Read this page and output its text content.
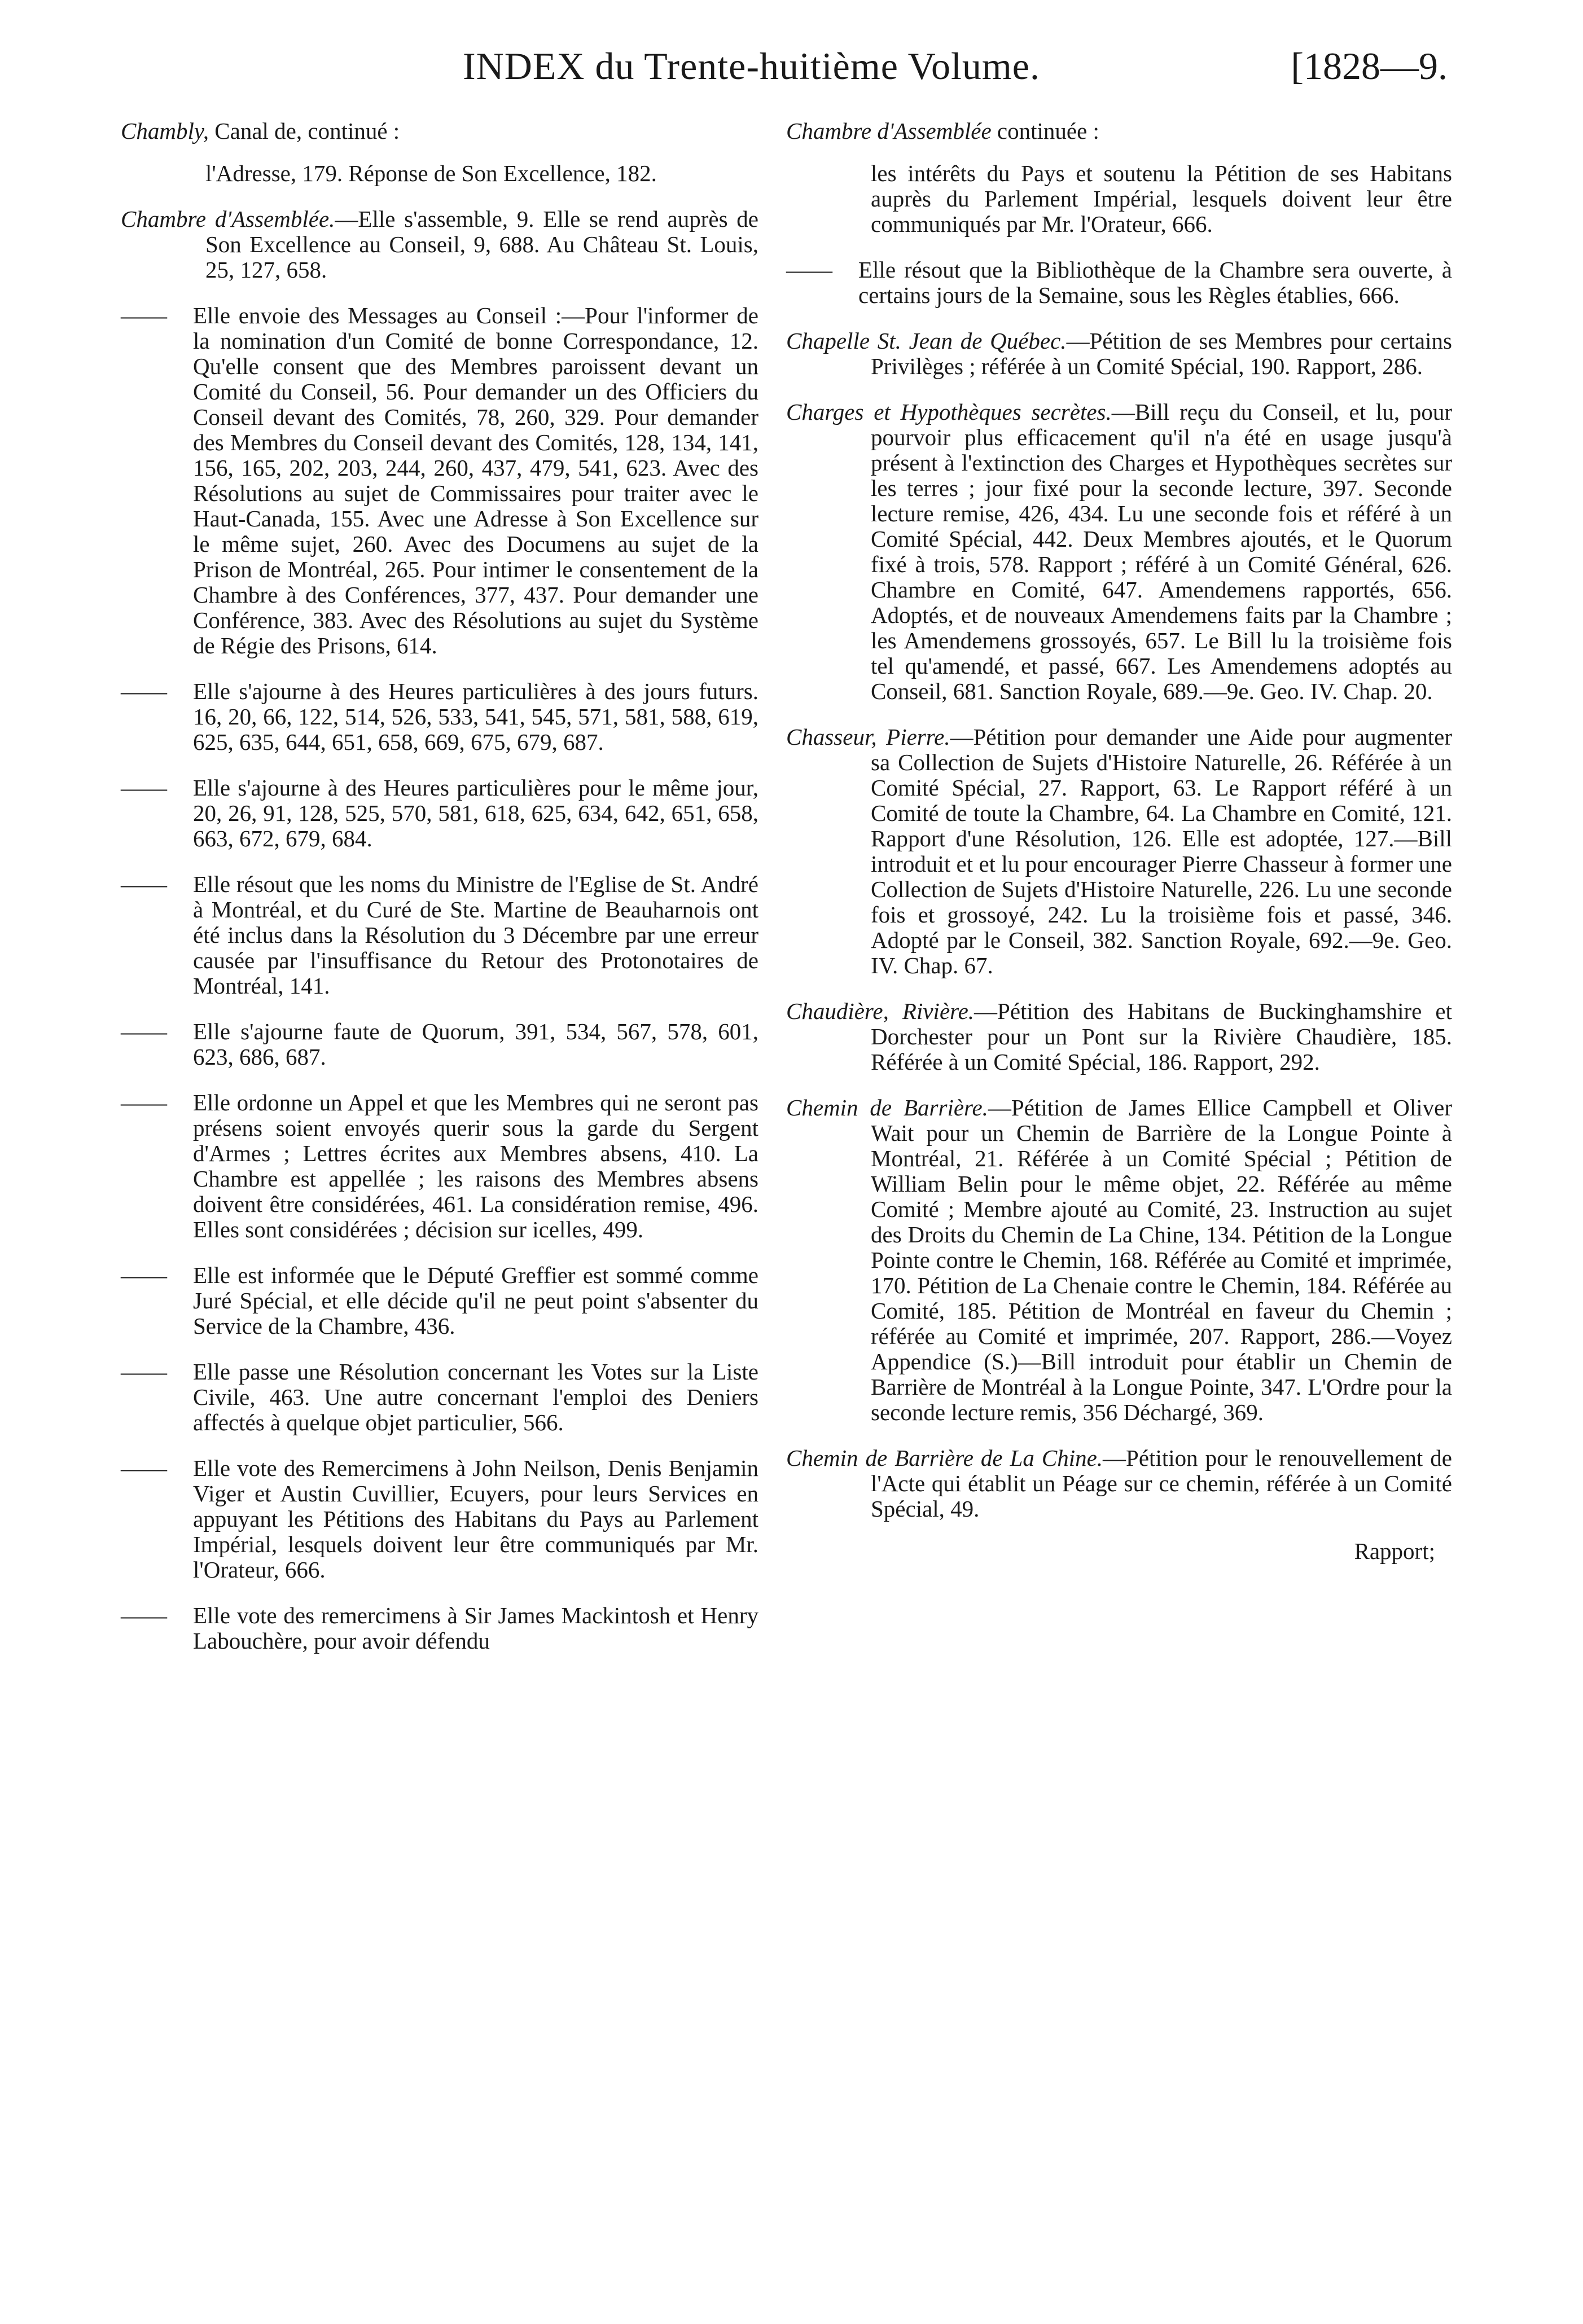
INDEX du Trente-huitième Volume.	[1828—9.
Chambly, Canal de, continué :
l'Adresse, 179. Réponse de Son Excellence, 182.
Chambre d'Assemblée.—Elle s'assemble, 9. Elle se rend auprès de Son Excellence au Conseil, 9, 688. Au Château St. Louis, 25, 127, 658.
—— Elle envoie des Messages au Conseil :—Pour l'informer de la nomination d'un Comité de bonne Correspondance, 12. Qu'elle consent que des Membres paroissent devant un Comité du Conseil, 56. Pour demander un des Officiers du Conseil devant des Comités, 78, 260, 329. Pour demander des Membres du Conseil devant des Comités, 128, 134, 141, 156, 165, 202, 203, 244, 260, 437, 479, 541, 623. Avec des Résolutions au sujet de Commissaires pour traiter avec le Haut-Canada, 155. Avec une Adresse à Son Excellence sur le même sujet, 260. Avec des Documens au sujet de la Prison de Montréal, 265. Pour intimer le consentement de la Chambre à des Conférences, 377, 437. Pour demander une Conférence, 383. Avec des Résolutions au sujet du Système de Régie des Prisons, 614.
—— Elle s'ajourne à des Heures particulières à des jours futurs. 16, 20, 66, 122, 514, 526, 533, 541, 545, 571, 581, 588, 619, 625, 635, 644, 651, 658, 669, 675, 679, 687.
—— Elle s'ajourne à des Heures particulières pour le même jour, 20, 26, 91, 128, 525, 570, 581, 618, 625, 634, 642, 651, 658, 663, 672, 679, 684.
—— Elle résout que les noms du Ministre de l'Eglise de St. André à Montréal, et du Curé de Ste. Martine de Beauharnois ont été inclus dans la Résolution du 3 Décembre par une erreur causée par l'insuffisance du Retour des Protonotaires de Montréal, 141.
—— Elle s'ajourne faute de Quorum, 391, 534, 567, 578, 601, 623, 686, 687.
—— Elle ordonne un Appel et que les Membres qui ne seront pas présens soient envoyés querir sous la garde du Sergent d'Armes ; Lettres écrites aux Membres absens, 410. La Chambre est appellée ; les raisons des Membres absens doivent être considérées, 461. La considération remise, 496. Elles sont considérées ; décision sur icelles, 499.
—— Elle est informée que le Député Greffier est sommé comme Juré Spécial, et elle décide qu'il ne peut point s'absenter du Service de la Chambre, 436.
—— Elle passe une Résolution concernant les Votes sur la Liste Civile, 463. Une autre concernant l'emploi des Deniers affectés à quelque objet particulier, 566.
—— Elle vote des Remercimens à John Neilson, Denis Benjamin Viger et Austin Cuvillier, Ecuyers, pour leurs Services en appuyant les Pétitions des Habitans du Pays au Parlement Impérial, lesquels doivent leur être communiqués par Mr. l'Orateur, 666.
—— Elle vote des remercimens à Sir James Mackintosh et Henry Labouchère, pour avoir défendu
Chambre d'Assemblée continuée :
les intérêts du Pays et soutenu la Pétition de ses Habitans auprès du Parlement Impérial, lesquels doivent leur être communiqués par Mr. l'Orateur, 666.
—— Elle résout que la Bibliothèque de la Chambre sera ouverte, à certains jours de la Semaine, sous les Règles établies, 666.
Chapelle St. Jean de Québec.—Pétition de ses Membres pour certains Privilèges ; référée à un Comité Spécial, 190. Rapport, 286.
Charges et Hypothèques secrètes.—Bill reçu du Conseil, et lu, pour pourvoir plus efficacement qu'il n'a été en usage jusqu'à présent à l'extinction des Charges et Hypothèques secrètes sur les terres ; jour fixé pour la seconde lecture, 397. Seconde lecture remise, 426, 434. Lu une seconde fois et référé à un Comité Spécial, 442. Deux Membres ajoutés, et le Quorum fixé à trois, 578. Rapport ; référé à un Comité Général, 626. Chambre en Comité, 647. Amendemens rapportés, 656. Adoptés, et de nouveaux Amendemens faits par la Chambre ; les Amendemens grossoyés, 657. Le Bill lu la troisième fois tel qu'amendé, et passé, 667. Les Amendemens adoptés au Conseil, 681. Sanction Royale, 689.—9e. Geo. IV. Chap. 20.
Chasseur, Pierre.—Pétition pour demander une Aide pour augmenter sa Collection de Sujets d'Histoire Naturelle, 26. Référée à un Comité Spécial, 27. Rapport, 63. Le Rapport référé à un Comité de toute la Chambre, 64. La Chambre en Comité, 121. Rapport d'une Résolution, 126. Elle est adoptée, 127.—Bill introduit et et lu pour encourager Pierre Chasseur à former une Collection de Sujets d'Histoire Naturelle, 226. Lu une seconde fois et grossoyé, 242. Lu la troisième fois et passé, 346. Adopté par le Conseil, 382. Sanction Royale, 692.—9e. Geo. IV. Chap. 67.
Chaudière, Rivière.—Pétition des Habitans de Buckinghamshire et Dorchester pour un Pont sur la Rivière Chaudière, 185. Référée à un Comité Spécial, 186. Rapport, 292.
Chemin de Barrière.—Pétition de James Ellice Campbell et Oliver Wait pour un Chemin de Barrière de la Longue Pointe à Montréal, 21. Référée à un Comité Spécial ; Pétition de William Belin pour le même objet, 22. Référée au même Comité ; Membre ajouté au Comité, 23. Instruction au sujet des Droits du Chemin de La Chine, 134. Pétition de la Longue Pointe contre le Chemin, 168. Référée au Comité et imprimée, 170. Pétition de La Chenaie contre le Chemin, 184. Référée au Comité, 185. Pétition de Montréal en faveur du Chemin ; référée au Comité et imprimée, 207. Rapport, 286.—Voyez Appendice (S.)—Bill introduit pour établir un Chemin de Barrière de Montréal à la Longue Pointe, 347. L'Ordre pour la seconde lecture remis, 356 Déchargé, 369.
Chemin de Barrière de La Chine.—Pétition pour le renouvellement de l'Acte qui établit un Péage sur ce chemin, référée à un Comité Spécial, 49.
Rapport;
